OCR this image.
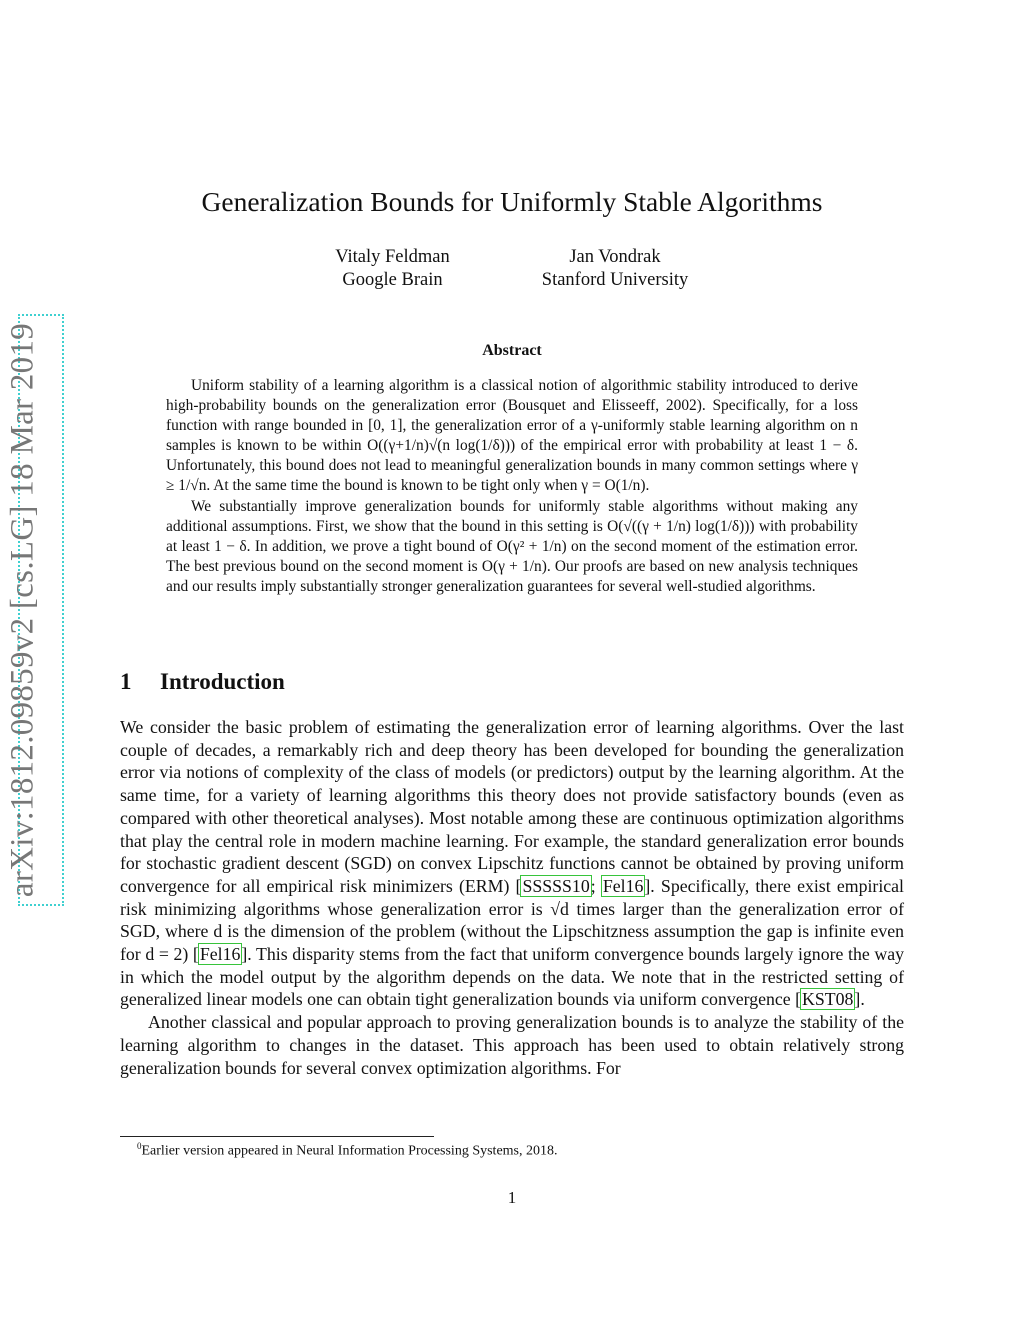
arXiv:1812.09859v2 [cs.LG] 18 Mar 2019
Generalization Bounds for Uniformly Stable Algorithms
Vitaly Feldman
Google Brain
Jan Vondrak
Stanford University
Abstract

Uniform stability of a learning algorithm is a classical notion of algorithmic stability introduced to derive high-probability bounds on the generalization error (Bousquet and Elisseeff, 2002). Specifically, for a loss function with range bounded in [0, 1], the generalization error of a γ-uniformly stable learning algorithm on n samples is known to be within O((γ+1/n)√(n log(1/δ))) of the empirical error with probability at least 1 − δ. Unfortunately, this bound does not lead to meaningful generalization bounds in many common settings where γ ≥ 1/√n. At the same time the bound is known to be tight only when γ = O(1/n).

We substantially improve generalization bounds for uniformly stable algorithms without making any additional assumptions. First, we show that the bound in this setting is O(√((γ + 1/n) log(1/δ))) with probability at least 1 − δ. In addition, we prove a tight bound of O(γ² + 1/n) on the second moment of the estimation error. The best previous bound on the second moment is O(γ + 1/n). Our proofs are based on new analysis techniques and our results imply substantially stronger generalization guarantees for several well-studied algorithms.

1 Introduction

We consider the basic problem of estimating the generalization error of learning algorithms. Over the last couple of decades, a remarkably rich and deep theory has been developed for bounding the generalization error via notions of complexity of the class of models (or predictors) output by the learning algorithm. At the same time, for a variety of learning algorithms this theory does not provide satisfactory bounds (even as compared with other theoretical analyses). Most notable among these are continuous optimization algorithms that play the central role in modern machine learning. For example, the standard generalization error bounds for stochastic gradient descent (SGD) on convex Lipschitz functions cannot be obtained by proving uniform convergence for all empirical risk minimizers (ERM) [SSSSS10; Fel16]. Specifically, there exist empirical risk minimizing algorithms whose generalization error is √d times larger than the generalization error of SGD, where d is the dimension of the problem (without the Lipschitzness assumption the gap is infinite even for d = 2) [Fel16]. This disparity stems from the fact that uniform convergence bounds largely ignore the way in which the model output by the algorithm depends on the data. We note that in the restricted setting of generalized linear models one can obtain tight generalization bounds via uniform convergence [KST08].

Another classical and popular approach to proving generalization bounds is to analyze the stability of the learning algorithm to changes in the dataset. This approach has been used to obtain relatively strong generalization bounds for several convex optimization algorithms. For

$^0$Earlier version appeared in Neural Information Processing Systems, 2018.
1
